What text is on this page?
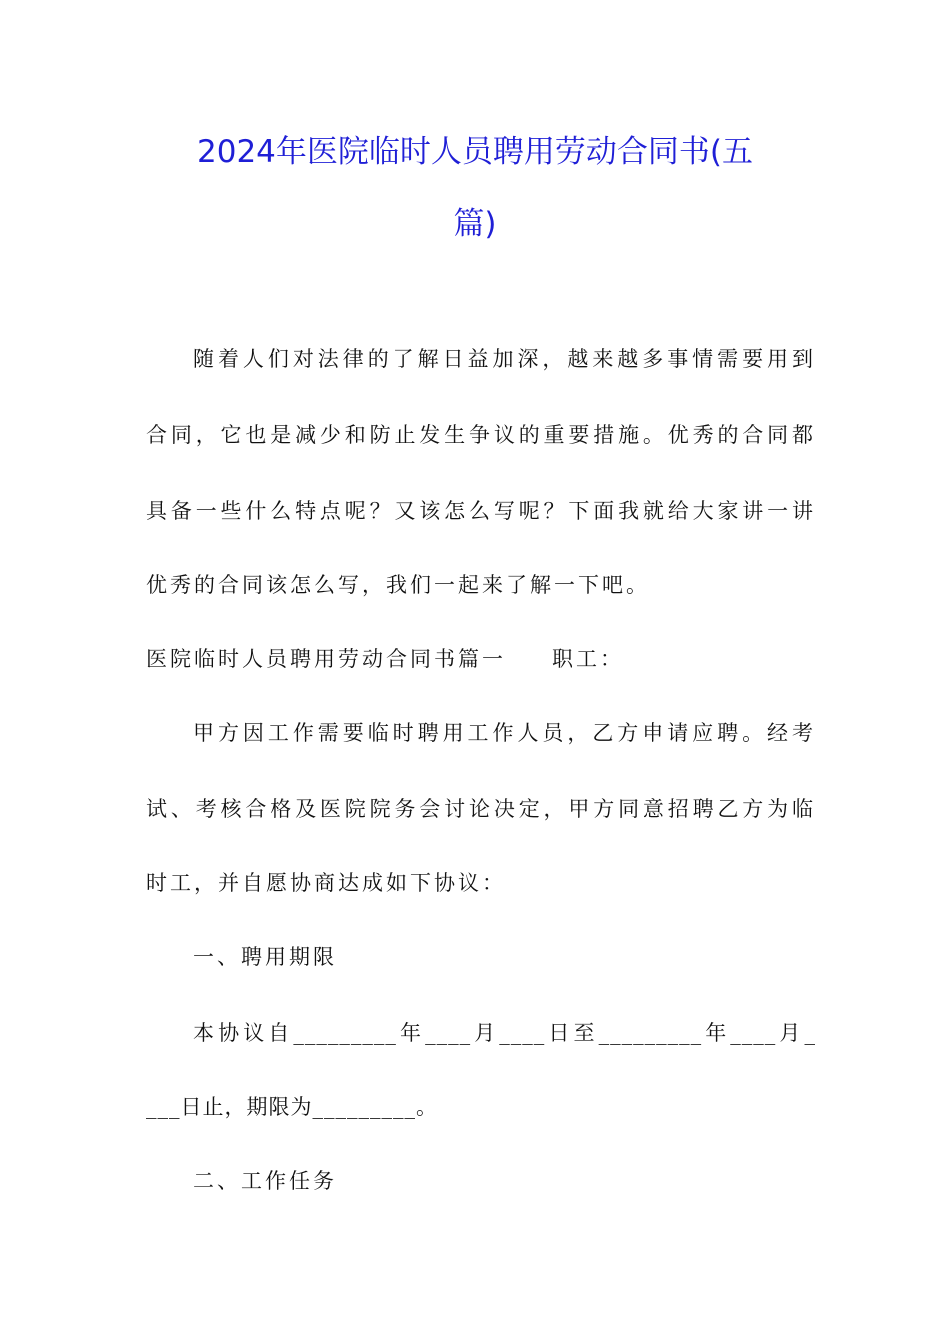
2024年医院临时人员聘用劳动合同书(五
篇)
随着人们对法律的了解日益加深，越来越多事情需要用到
合同，它也是减少和防止发生争议的重要措施。优秀的合同都
具备一些什么特点呢？又该怎么写呢？下面我就给大家讲一讲
优秀的合同该怎么写，我们一起来了解一下吧。
医院临时人员聘用劳动合同书篇一 职工：
甲方因工作需要临时聘用工作人员，乙方申请应聘。经考
试、考核合格及医院院务会讨论决定，甲方同意招聘乙方为临
时工，并自愿协商达成如下协议：
一、聘用期限
本协议自_________年____月____日至_________年____月_
___日止，期限为_________。
二、工作任务
